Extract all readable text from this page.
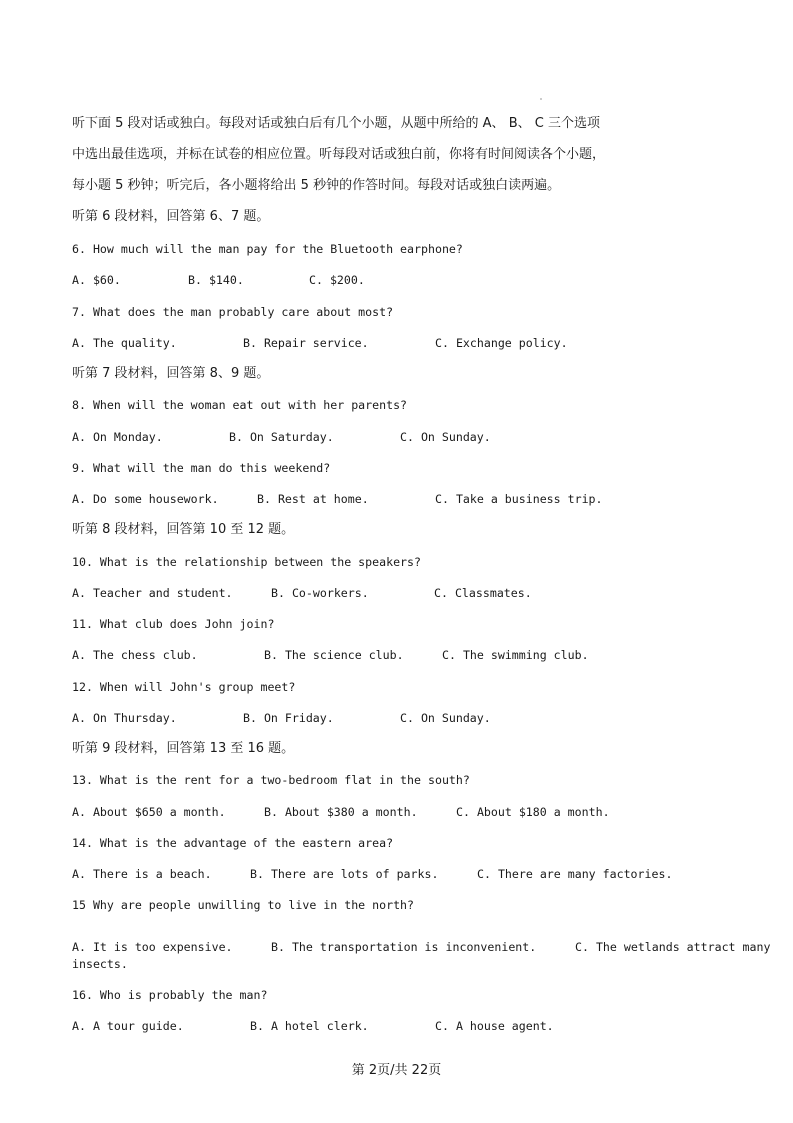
听下面 5 段对话或独白。每段对话或独白后有几个小题，从题中所给的 A、 B、 C 三个选项
中选出最佳选项，并标在试卷的相应位置。听每段对话或独白前，你将有时间阅读各个小题，
每小题 5 秒钟；听完后，各小题将给出 5 秒钟的作答时间。每段对话或独白读两遍。
听第 6 段材料，回答第 6、7 题。
6. How much will the man pay for the Bluetooth earphone?
A. $60.	B. $140.	C. $200.
7. What does the man probably care about most?
A. The quality.	B. Repair service.	C. Exchange policy.
听第 7 段材料，回答第 8、9 题。
8. When will the woman eat out with her parents?
A. On Monday.	B. On Saturday.	C. On Sunday.
9. What will the man do this weekend?
A. Do some housework.	B. Rest at home.	C. Take a business trip.
听第 8 段材料，回答第 10 至 12 题。
10. What is the relationship between the speakers?
A. Teacher and student.	B. Co-workers.	C. Classmates.
11. What club does John join?
A. The chess club.	B. The science club.	C. The swimming club.
12. When will John's group meet?
A. On Thursday.	B. On Friday.	C. On Sunday.
听第 9 段材料，回答第 13 至 16 题。
13. What is the rent for a two-bedroom flat in the south?
A. About $650 a month.	B. About $380 a month.	C. About $180 a month.
14. What is the advantage of the eastern area?
A. There is a beach.	B. There are lots of parks.	C. There are many factories.
15 Why are people unwilling to live in the north?
A. It is too expensive.	B. The transportation is inconvenient.	C. The wetlands attract many
insects.
16. Who is probably the man?
A. A tour guide.	B. A hotel clerk.	C. A house agent.
第 2页/共 22页
